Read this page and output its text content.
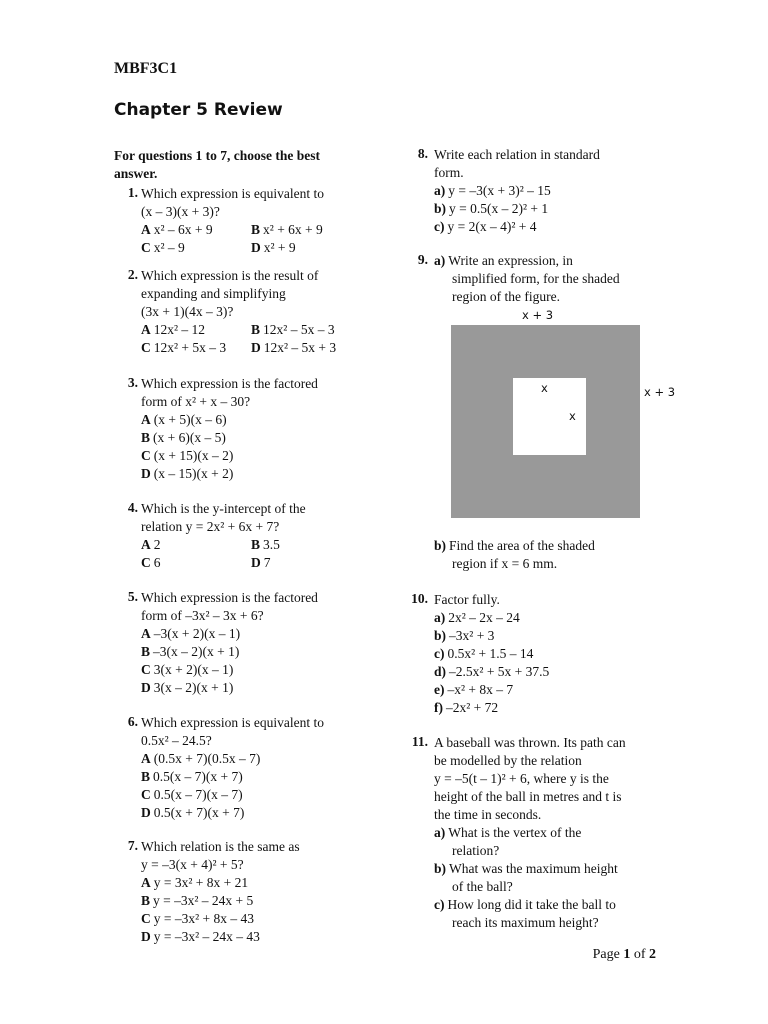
MBF3C1
Chapter 5 Review
For questions 1 to 7, choose the best
answer.
1. Which expression is equivalent to
(x – 3)(x + 3)?
A x² – 6x + 9	B x² + 6x + 9
C x² – 9	D x² + 9
2. Which expression is the result of
expanding and simplifying
(3x + 1)(4x – 3)?
A 12x² – 12	B 12x² – 5x – 3
C 12x² + 5x – 3	D 12x² – 5x + 3
3. Which expression is the factored
form of x² + x – 30?
A (x + 5)(x – 6)
B (x + 6)(x – 5)
C (x + 15)(x – 2)
D (x – 15)(x + 2)
4. Which is the y-intercept of the
relation y = 2x² + 6x + 7?
A 2	B 3.5
C 6	D 7
5. Which expression is the factored
form of –3x² – 3x + 6?
A –3(x + 2)(x – 1)
B –3(x – 2)(x + 1)
C 3(x + 2)(x – 1)
D 3(x – 2)(x + 1)
6. Which expression is equivalent to
0.5x² – 24.5?
A (0.5x + 7)(0.5x – 7)
B 0.5(x – 7)(x + 7)
C 0.5(x – 7)(x – 7)
D 0.5(x + 7)(x + 7)
7. Which relation is the same as
y = –3(x + 4)² + 5?
A y = 3x² + 8x + 21
B y = –3x² – 24x + 5
C y = –3x² + 8x – 43
D y = –3x² – 24x – 43
8. Write each relation in standard
form.
a) y = –3(x + 3)² – 15
b) y = 0.5(x – 2)² + 1
c) y = 2(x – 4)² + 4
9. a) Write an expression, in
simplified form, for the shaded
region of the figure.
x + 3
x + 3
x
x
b) Find the area of the shaded
region if x = 6 mm.
10. Factor fully.
a) 2x² – 2x – 24
b) –3x² + 3
c) 0.5x² + 1.5 – 14
d) –2.5x² + 5x + 37.5
e) –x² + 8x – 7
f) –2x² + 72
11. A baseball was thrown. Its path can
be modelled by the relation
y = –5(t – 1)² + 6, where y is the
height of the ball in metres and t is
the time in seconds.
a) What is the vertex of the
relation?
b) What was the maximum height
of the ball?
c) How long did it take the ball to
reach its maximum height?
Page 1 of 2
